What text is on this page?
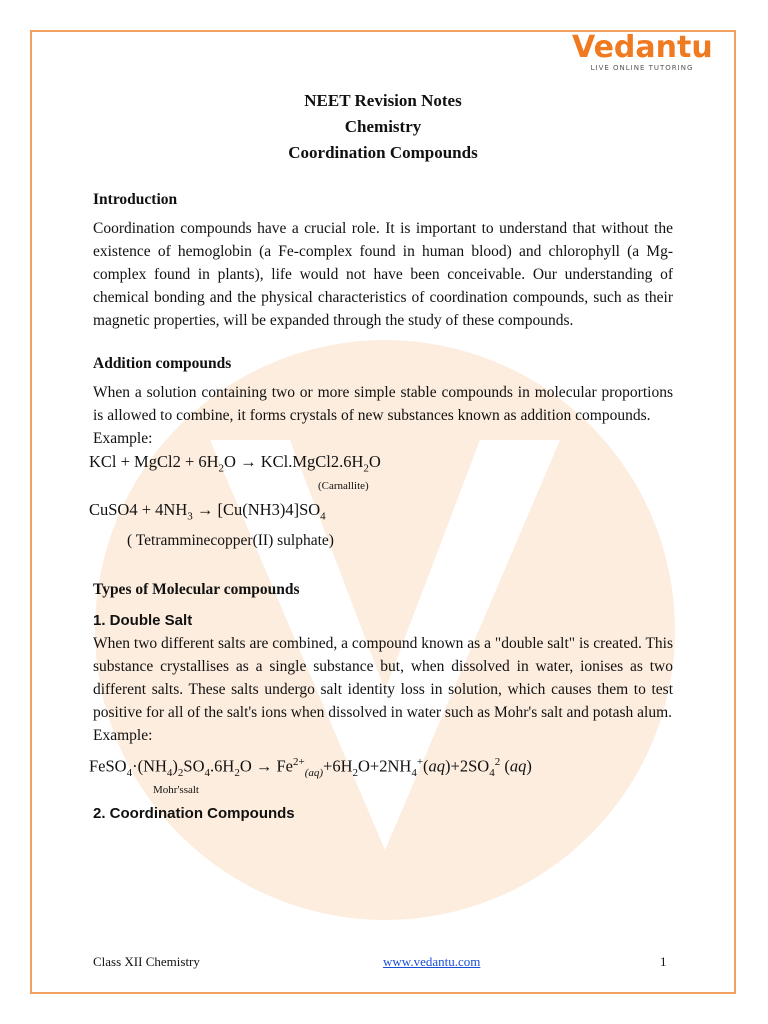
Vedantu
LIVE ONLINE TUTORING
NEET Revision Notes
Chemistry
Coordination Compounds
Introduction

Coordination compounds have a crucial role. It is important to understand that without the existence of hemoglobin (a Fe-complex found in human blood) and chlorophyll (a Mg-complex found in plants), life would not have been conceivable. Our understanding of chemical bonding and the physical characteristics of coordination compounds, such as their magnetic properties, will be expanded through the study of these compounds.

Addition compounds

When a solution containing two or more simple stable compounds in molecular proportions is allowed to combine, it forms crystals of new substances known as addition compounds.

Example:
KCl + MgCl2 + $6H_2O$ → $KCl.MgCl2.6H_2O$
(Carnallite)
CuSO4 + $4NH_3 \to [Cu(NH3)4]SO_4$
( Tetramminecopper(II) sulphate)
Types of Molecular compounds
1. Double Salt

When two different salts are combined, a compound known as a "double salt" is created. This substance crystallises as a single substance but, when dissolved in water, ionises as two different salts. These salts undergo salt identity loss in solution, which causes them to test positive for all of the salt's ions when dissolved in water such as Mohr's salt and potash alum.

Example:
$FeSO_4\cdot(NH_4)_2SO_4.6H_2O \to Fe^{2+}_{(aq)}+6H_2O+2NH_4^+(aq)+2SO_4^2$ (aq)
Mohr'ssalt
2. Coordination Compounds
Class XII Chemistry	www.vedantu.com	1
